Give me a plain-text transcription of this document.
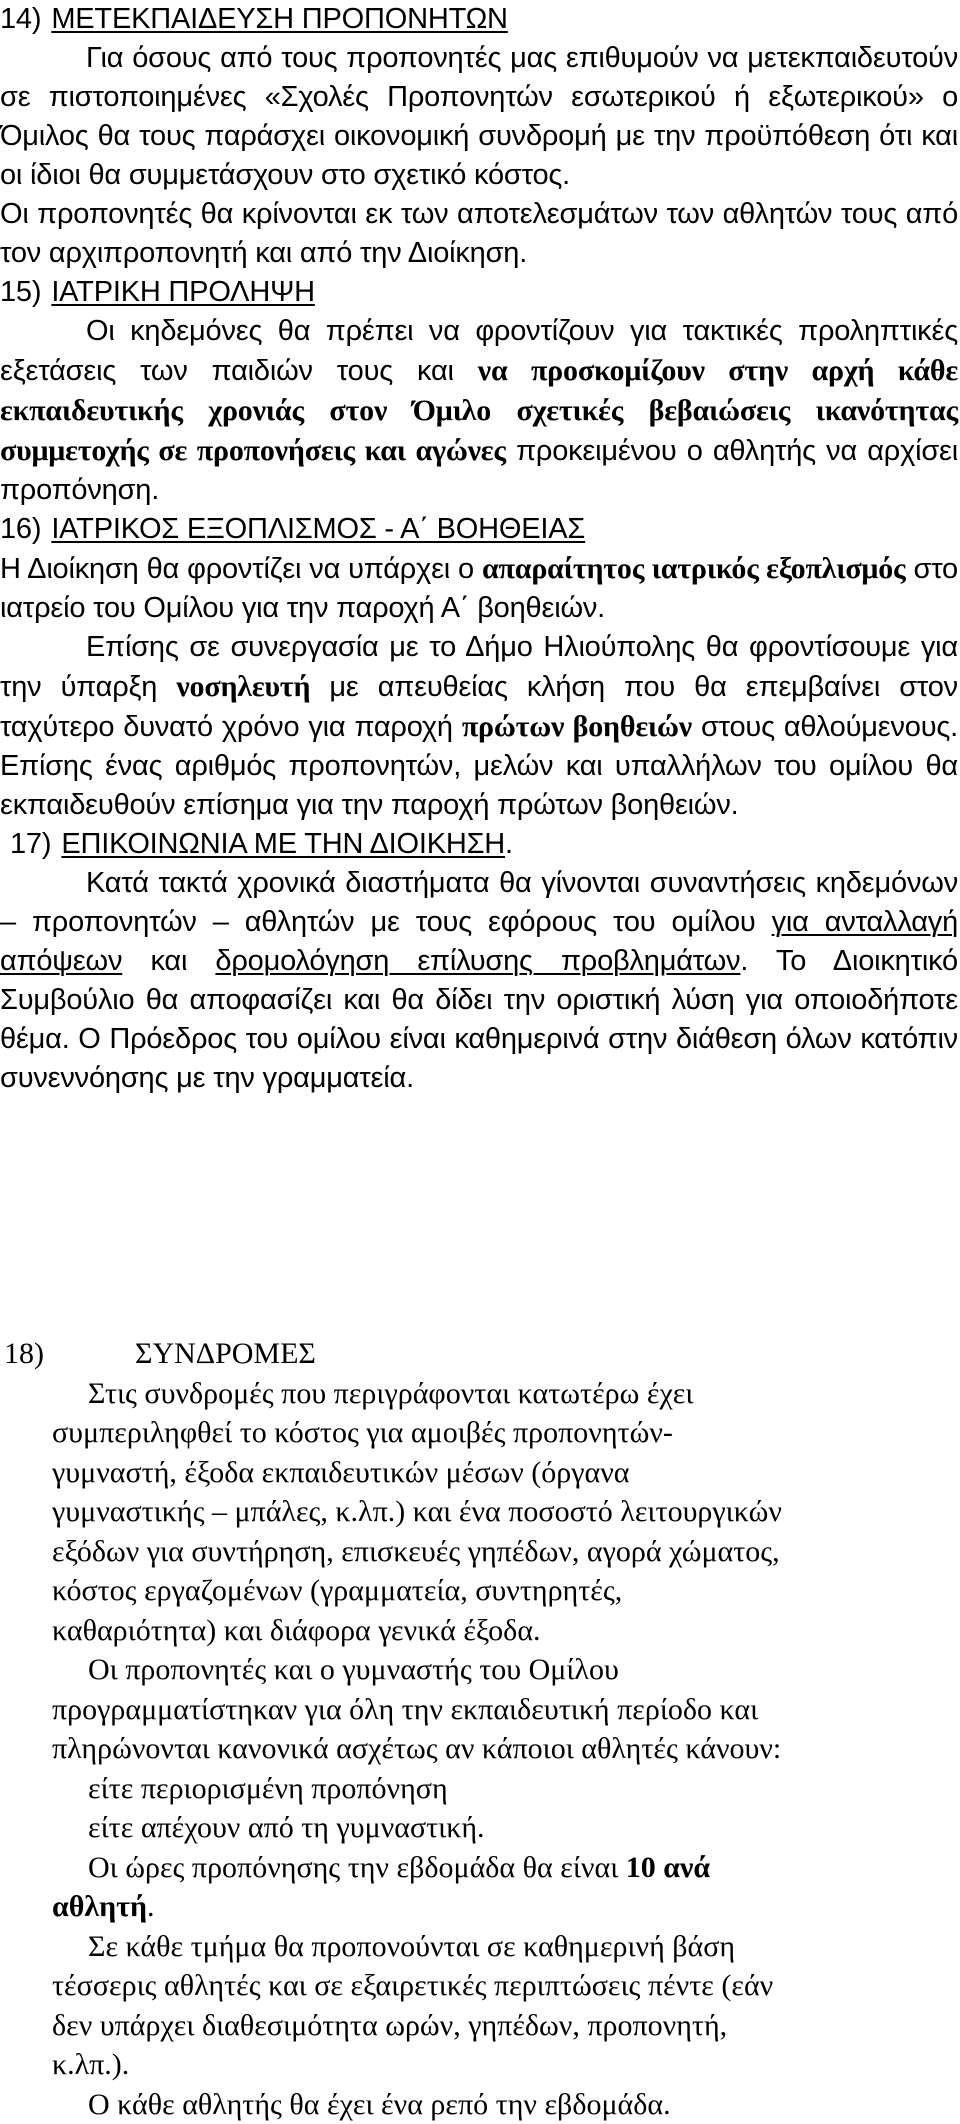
14) ΜΕΤΕΚΠΑΙΔΕΥΣΗ ΠΡΟΠΟΝΗΤΩΝ

Για όσους από τους προπονητές μας επιθυμούν να μετεκπαιδευτούν σε πιστοποιημένες «Σχολές Προπονητών εσωτερικού ή εξωτερικού» ο Όμιλος θα τους παράσχει οικονομική συνδρομή με την προϋπόθεση ότι και οι ίδιοι θα συμμετάσχουν στο σχετικό κόστος.

Οι προπονητές θα κρίνονται εκ των αποτελεσμάτων των αθλητών τους από τον αρχιπροπονητή και από την Διοίκηση.

15) ΙΑΤΡΙΚΗ ΠΡΟΛΗΨΗ

Οι κηδεμόνες θα πρέπει να φροντίζουν για τακτικές προληπτικές εξετάσεις των παιδιών τους και να προσκομίζουν στην αρχή κάθε εκπαιδευτικής χρονιάς στον Όμιλο σχετικές βεβαιώσεις ικανότητας συμμετοχής σε προπονήσεις και αγώνες προκειμένου ο αθλητής να αρχίσει προπόνηση.

16) ΙΑΤΡΙΚΟΣ ΕΞΟΠΛΙΣΜΟΣ - Α΄ ΒΟΗΘΕΙΑΣ

Η Διοίκηση θα φροντίζει να υπάρχει ο απαραίτητος ιατρικός εξοπλισμός στο ιατρείο του Ομίλου για την παροχή Α΄ βοηθειών.

Επίσης σε συνεργασία με το Δήμο Ηλιούπολης θα φροντίσουμε για την ύπαρξη νοσηλευτή με απευθείας κλήση που θα επεμβαίνει στον ταχύτερο δυνατό χρόνο για παροχή πρώτων βοηθειών στους αθλούμενους. Επίσης ένας αριθμός προπονητών, μελών και υπαλλήλων του ομίλου θα εκπαιδευθούν επίσημα για την παροχή πρώτων βοηθειών.

17) ΕΠΙΚΟΙΝΩΝΙΑ ΜΕ ΤΗΝ ΔΙΟΙΚΗΣΗ.

Κατά τακτά χρονικά διαστήματα θα γίνονται συναντήσεις κηδεμόνων – προπονητών – αθλητών με τους εφόρους του ομίλου για ανταλλαγή απόψεων και δρομολόγηση επίλυσης προβλημάτων. Το Διοικητικό Συμβούλιο θα αποφασίζει και θα δίδει την οριστική λύση για οποιοδήποτε θέμα. Ο Πρόεδρος του ομίλου είναι καθημερινά στην διάθεση όλων κατόπιν συνεννόησης με την γραμματεία.

18)	ΣΥΝΔΡΟΜΕΣ

Στις συνδρομές που περιγράφονται κατωτέρω έχει

συμπεριληφθεί το κόστος για αμοιβές προπονητών-

γυμναστή, έξοδα εκπαιδευτικών μέσων (όργανα

γυμναστικής – μπάλες, κ.λπ.) και ένα ποσοστό λειτουργικών

εξόδων για συντήρηση, επισκευές γηπέδων, αγορά χώματος,

κόστος εργαζομένων (γραμματεία, συντηρητές,

καθαριότητα) και διάφορα γενικά έξοδα.

Οι προπονητές και ο γυμναστής του Ομίλου

προγραμματίστηκαν για όλη την εκπαιδευτική περίοδο και

πληρώνονται κανονικά ασχέτως αν κάποιοι αθλητές κάνουν:

είτε περιορισμένη προπόνηση

είτε απέχουν από τη γυμναστική.

Οι ώρες προπόνησης την εβδομάδα θα είναι 10 ανά

αθλητή.

Σε κάθε τμήμα θα προπονούνται σε καθημερινή βάση

τέσσερις αθλητές και σε εξαιρετικές περιπτώσεις πέντε (εάν

δεν υπάρχει διαθεσιμότητα ωρών, γηπέδων, προπονητή,

κ.λπ.).

Ο κάθε αθλητής θα έχει ένα ρεπό την εβδομάδα.
